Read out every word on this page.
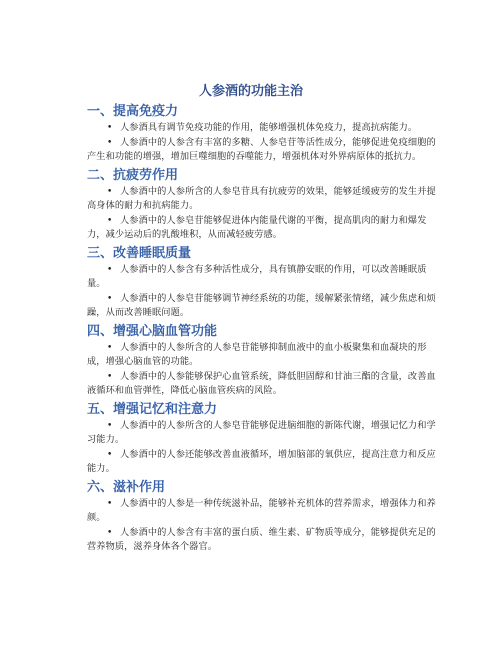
人参酒的功能主治
一、提高免疫力
• 人参酒具有调节免疫功能的作用，能够增强机体免疫力，提高抗病能力。
• 人参酒中的人参含有丰富的多糖、人参皂苷等活性成分，能够促进免疫细胞的产生和功能的增强，增加巨噬细胞的吞噬能力，增强机体对外界病原体的抵抗力。
二、抗疲劳作用
• 人参酒中的人参所含的人参皂苷具有抗疲劳的效果，能够延缓疲劳的发生并提高身体的耐力和抗病能力。
• 人参酒中的人参皂苷能够促进体内能量代谢的平衡，提高肌肉的耐力和爆发力，减少运动后的乳酸堆积，从而减轻疲劳感。
三、改善睡眠质量
• 人参酒中的人参含有多种活性成分，具有镇静安眠的作用，可以改善睡眠质量。
• 人参酒中的人参皂苷能够调节神经系统的功能，缓解紧张情绪，减少焦虑和烦躁，从而改善睡眠问题。
四、增强心脑血管功能
• 人参酒中的人参所含的人参皂苷能够抑制血液中的血小板聚集和血凝块的形成，增强心脑血管的功能。
• 人参酒中的人参能够保护心血管系统，降低胆固醇和甘油三酯的含量，改善血液循环和血管弹性，降低心脑血管疾病的风险。
五、增强记忆和注意力
• 人参酒中的人参所含的人参皂苷能够促进脑细胞的新陈代谢，增强记忆力和学习能力。
• 人参酒中的人参还能够改善血液循环，增加脑部的氧供应，提高注意力和反应能力。
六、滋补作用
• 人参酒中的人参是一种传统滋补品，能够补充机体的营养需求，增强体力和养颜。
• 人参酒中的人参含有丰富的蛋白质、维生素、矿物质等成分，能够提供充足的营养物质，滋养身体各个器官。
